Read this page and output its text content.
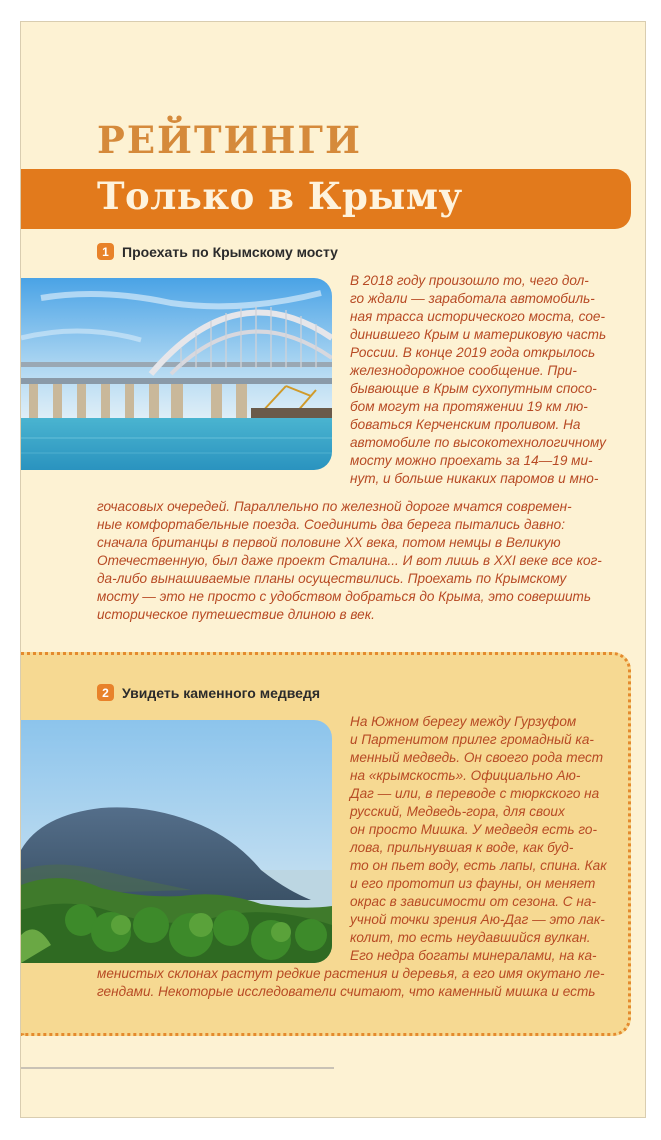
РЕЙТИНГИ
Только в Крыму
1 Проехать по Крымскому мосту
В 2018 году произошло то, чего дол-
го ждали — заработала автомобиль-
ная трасса исторического моста, сое-
динившего Крым и материковую часть
России. В конце 2019 года открылось
железнодорожное сообщение. При-
бывающие в Крым сухопутным спосо-
бом могут на протяжении 19 км лю-
боваться Керченским проливом. На
автомобиле по высокотехнологичному
мосту можно проехать за 14—19 ми-
нут, и больше никаких паромов и мно-
гочасовых очередей. Параллельно по железной дороге мчатся современ-
ные комфортабельные поезда. Соединить два берега пытались давно:
сначала британцы в первой половине XX века, потом немцы в Великую
Отечественную, был даже проект Сталина... И вот лишь в XXI веке все ког-
да-либо вынашиваемые планы осуществились. Проехать по Крымскому
мосту — это не просто с удобством добраться до Крыма, это совершить
историческое путешествие длиною в век.
2 Увидеть каменного медведя
На Южном берегу между Гурзуфом
и Партенитом прилег громадный ка-
менный медведь. Он своего рода тест
на «крымскость». Официально Аю-
Даг — или, в переводе с тюркского на
русский, Медведь-гора, для своих
он просто Мишка. У медведя есть го-
лова, прильнувшая к воде, как буд-
то он пьет воду, есть лапы, спина. Как
и его прототип из фауны, он меняет
окрас в зависимости от сезона. С на-
учной точки зрения Аю-Даг — это лак-
колит, то есть неудавшийся вулкан.
Его недра богаты минералами, на ка-
менистых склонах растут редкие растения и деревья, а его имя окутано ле-
гендами. Некоторые исследователи считают, что каменный мишка и есть
